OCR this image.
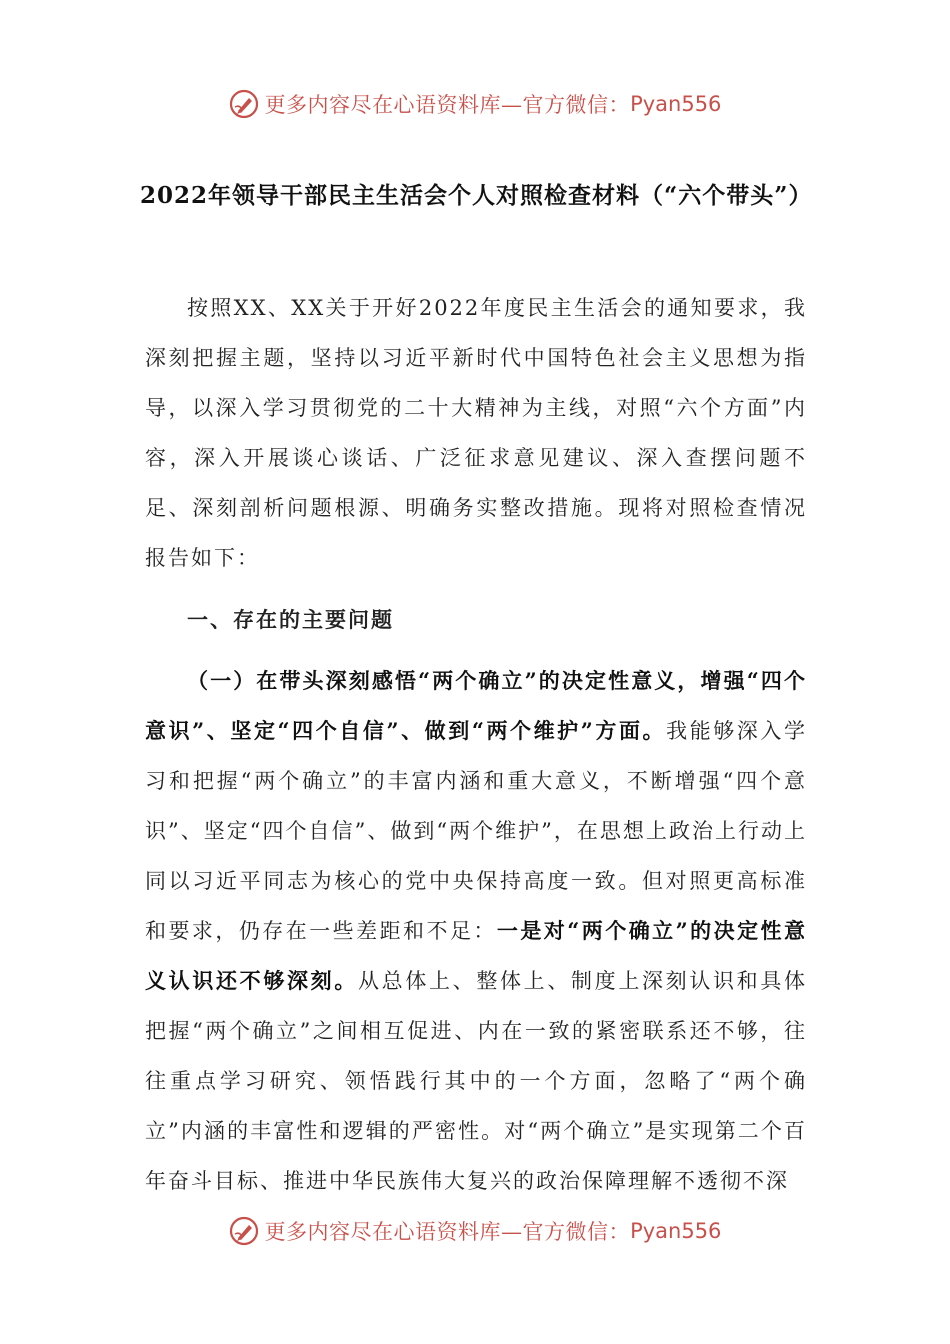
更多内容尽在心语资料库—官方微信： Pyan556
2022年领导干部民主生活会个人对照检查材料（“六个带头”）

按照XX、XX关于开好2022年度民主生活会的通知要求，我深刻把握主题，坚持以习近平新时代中国特色社会主义思想为指导，以深入学习贯彻党的二十大精神为主线，对照“六个方面”内容，深入开展谈心谈话、广泛征求意见建议、深入查摆问题不足、深刻剖析问题根源、明确务实整改措施。现将对照检查情况报告如下：

一、存在的主要问题

（一）在带头深刻感悟“两个确立”的决定性意义，增强“四个意识”、坚定“四个自信”、做到“两个维护”方面。我能够深入学习和把握“两个确立”的丰富内涵和重大意义，不断增强“四个意识”、坚定“四个自信”、做到“两个维护”，在思想上政治上行动上同以习近平同志为核心的党中央保持高度一致。但对照更高标准和要求，仍存在一些差距和不足：一是对“两个确立”的决定性意义认识还不够深刻。从总体上、整体上、制度上深刻认识和具体把握“两个确立”之间相互促进、内在一致的紧密联系还不够，往往重点学习研究、领悟践行其中的一个方面，忽略了“两个确立”内涵的丰富性和逻辑的严密性。对“两个确立”是实现第二个百年奋斗目标、推进中华民族伟大复兴的政治保障理解不透彻不深

更多内容尽在心语资料库—官方微信： Pyan556
